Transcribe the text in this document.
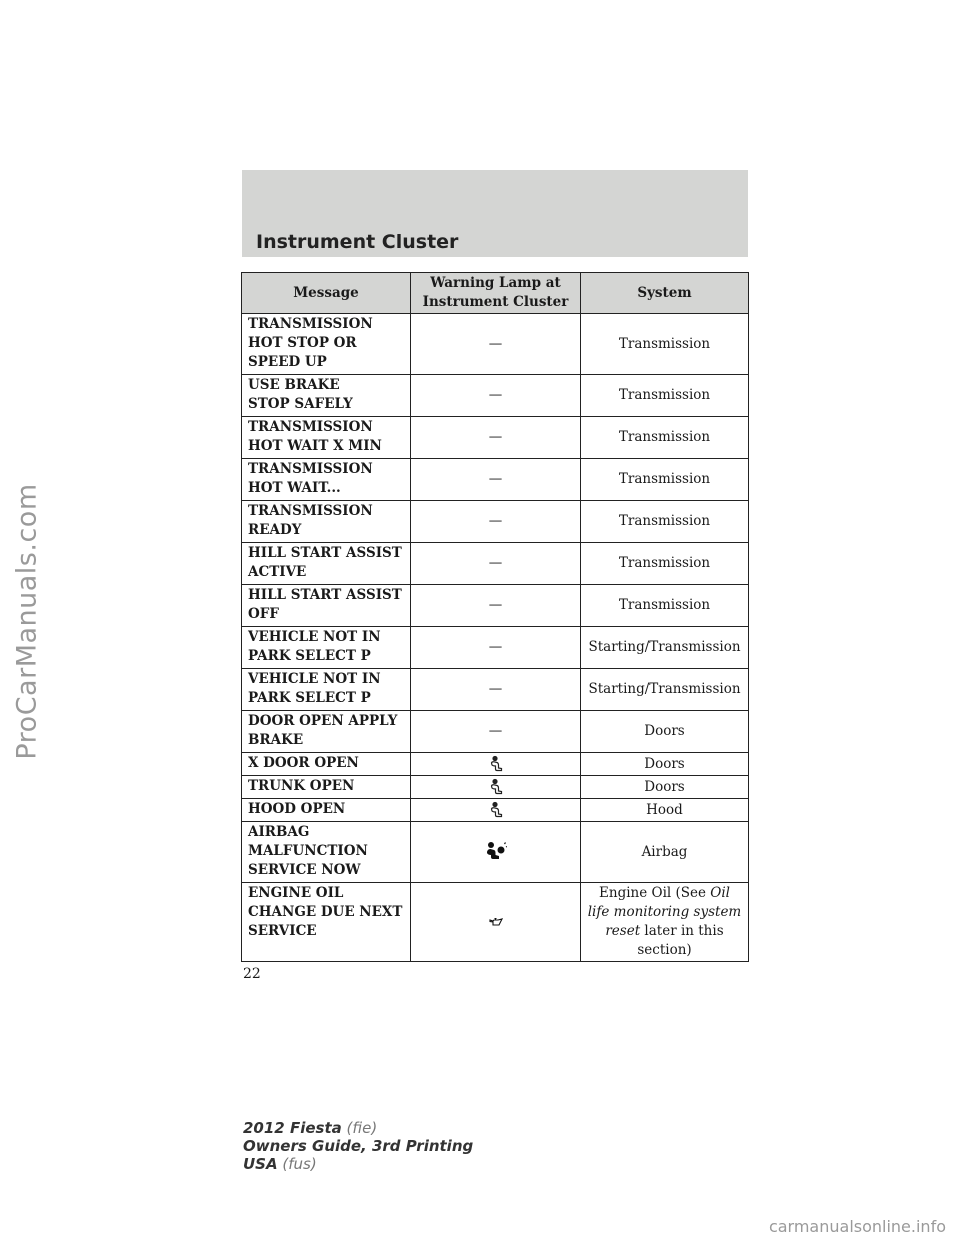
ProCarManuals.com
Instrument Cluster
Message	Warning Lamp at Instrument Cluster	System
TRANSMISSION HOT STOP OR SPEED UP	—	Transmission
USE BRAKE STOP SAFELY	—	Transmission
TRANSMISSION HOT WAIT X MIN	—	Transmission
TRANSMISSION HOT WAIT...	—	Transmission
TRANSMISSION READY	—	Transmission
HILL START ASSIST ACTIVE	—	Transmission
HILL START ASSIST OFF	—	Transmission
VEHICLE NOT IN PARK SELECT P	—	Starting/Transmission
VEHICLE NOT IN PARK SELECT P	—	Starting/Transmission
DOOR OPEN APPLY BRAKE	—	Doors
X DOOR OPEN		Doors
TRUNK OPEN		Doors
HOOD OPEN		Hood
AIRBAG MALFUNCTION SERVICE NOW		Airbag
ENGINE OIL CHANGE DUE NEXT SERVICE		Engine Oil (See Oil life monitoring system reset later in this section)
22
2012 Fiesta (fie)
Owners Guide, 3rd Printing
USA (fus)
carmanualsonline.info
